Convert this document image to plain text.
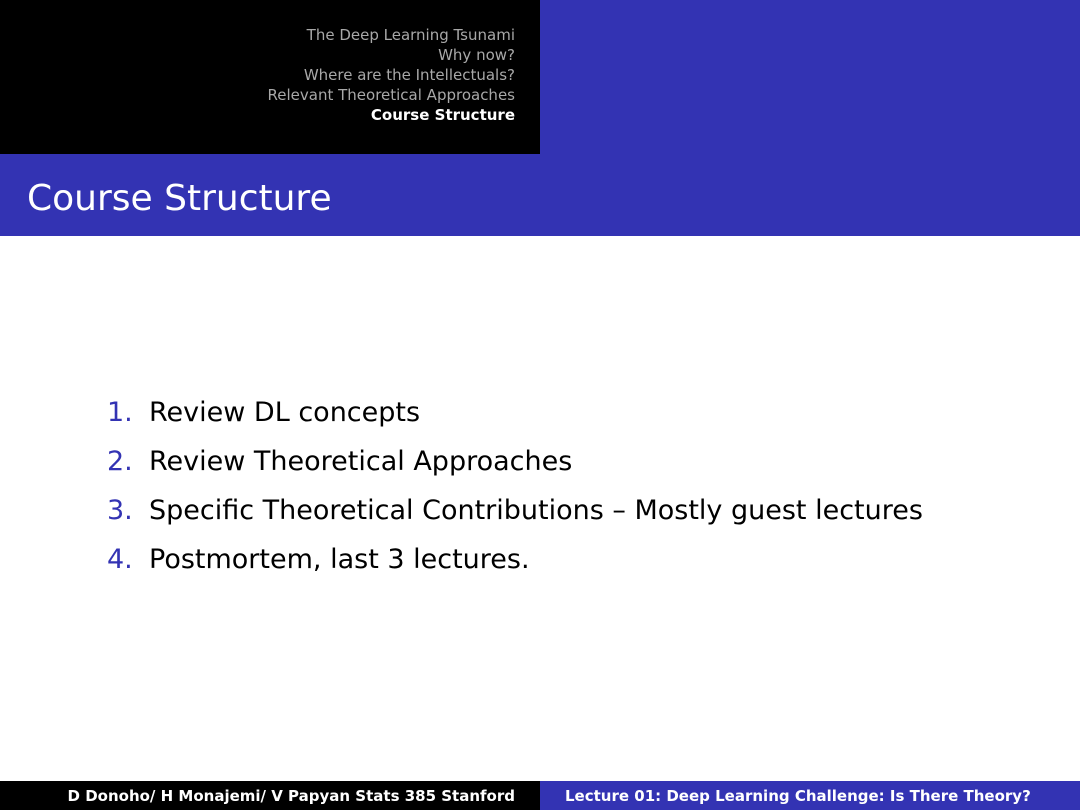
The Deep Learning Tsunami
Why now?
Where are the Intellectuals?
Relevant Theoretical Approaches
Course Structure
Course Structure
1. Review DL concepts
2. Review Theoretical Approaches
3. Specific Theoretical Contributions – Mostly guest lectures
4. Postmortem, last 3 lectures.
D Donoho/ H Monajemi/ V Papyan Stats 385 Stanford	Lecture 01: Deep Learning Challenge: Is There Theory?
